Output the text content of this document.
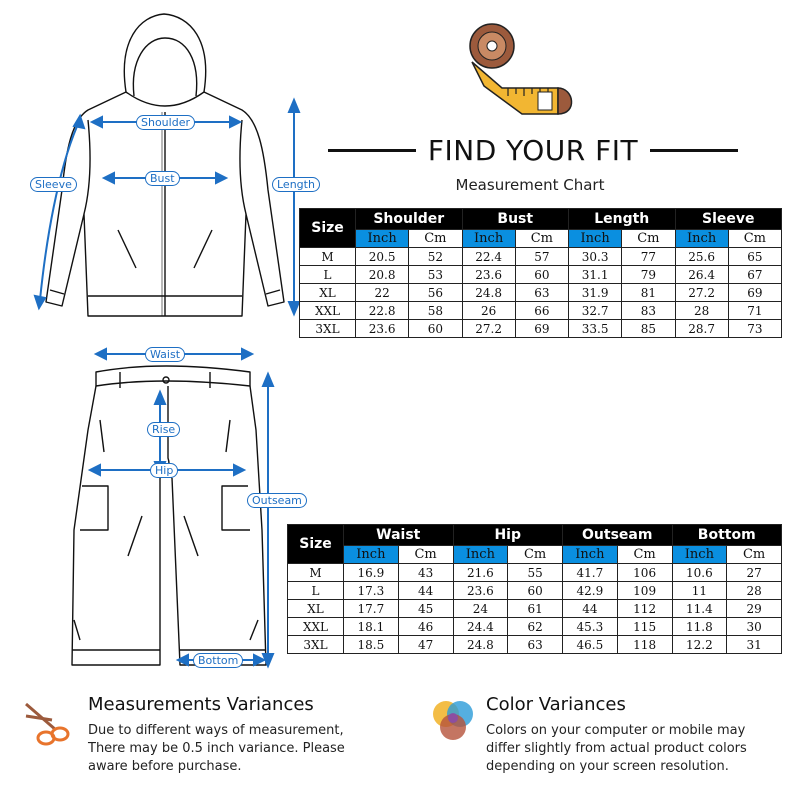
Shoulder
Bust
Sleeve	Length
Waist
Rise
Hip
Outseam
Bottom
FIND YOUR FIT
Measurement Chart
Size	Shoulder		Bust		Length		Sleeve	
	Inch	Cm	Inch	Cm	Inch	Cm	Inch	Cm
M	20.5	52	22.4	57	30.3	77	25.6	65
L	20.8	53	23.6	60	31.1	79	26.4	67
XL	22	56	24.8	63	31.9	81	27.2	69
XXL	22.8	58	26	66	32.7	83	28	71
3XL	23.6	60	27.2	69	33.5	85	28.7	73
Size	Waist		Hip		Outseam		Bottom	
	Inch	Cm	Inch	Cm	Inch	Cm	Inch	Cm
M	16.9	43	21.6	55	41.7	106	10.6	27
L	17.3	44	23.6	60	42.9	109	11	28
XL	17.7	45	24	61	44	112	11.4	29
XXL	18.1	46	24.4	62	45.3	115	11.8	30
3XL	18.5	47	24.8	63	46.5	118	12.2	31
Measurements Variances
Due to different ways of measurement,
There may be 0.5 inch variance. Please
aware before purchase.
Color Variances
Colors on your computer or mobile may
differ slightly from actual product colors
depending on your screen resolution.
